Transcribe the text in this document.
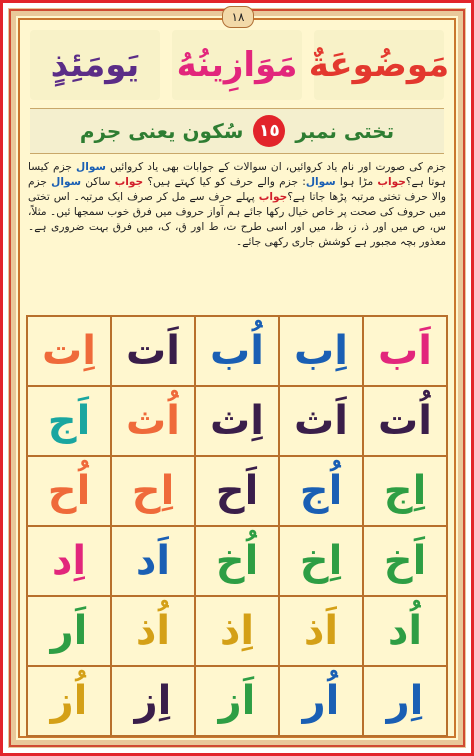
١٨
مَوضُوعَةٌ
مَوَازِينُهُ
يَومَئِذٍ
تختی نمبر
١٥
سُکون یعنی جزم
جزم کی صورت اور نام یاد کروائیں، ان سوالات کے جوابات بھی یاد کروائیں سوال جزم کیسا ہوتا ہے؟جواب مڑا ہوا سوال: جزم والے حرف کو کیا کہتے ہیں؟ جواب ساکن سوال جزم والا حرف تختی مرتبہ پڑھا جاتا ہے؟جواب پہلے حرف سے مل کر صرف ایک مرتبہ۔ اس تختی میں حروف کی صحت پر خاص خیال رکھا جائے ہم آواز حروف میں فرق خوب سمجھا ئیں۔ مثلاً، س، ص میں اور ذ، ز، ظ، میں اور اسی طرح ت، ط اور ق، ک، میں فرق بہت ضروری ہے۔ معذور بچہ مجبور ہے کوشش جاری رکھی جائے۔
اَب
اِب
اُب
اَت
اِت
اُت
اَث
اِث
اُث
اَج
اِج
اُج
اَح
اِح
اُح
اَخ
اِخ
اُخ
اَد
اِد
اُد
اَذ
اِذ
اُذ
اَر
اِر
اُر
اَز
اِز
اُز
